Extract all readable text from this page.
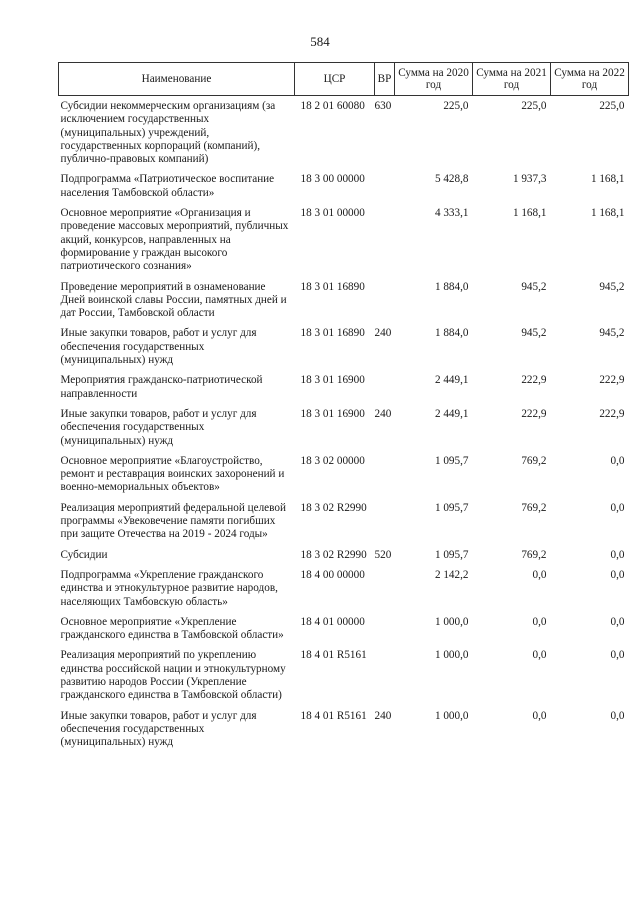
584
Наименование	ЦСР	ВР	Сумма на 2020 год	Сумма на 2021 год	Сумма на 2022 год
Субсидии некоммерческим организациям (за исключением государственных (муниципальных) учреждений, государственных корпораций (компаний), публично-правовых компаний)	18 2 01 60080	630	225,0	225,0	225,0
Подпрограмма «Патриотическое воспитание населения Тамбовской области»	18 3 00 00000		5 428,8	1 937,3	1 168,1
Основное мероприятие «Организация и проведение массовых мероприятий, публичных акций, конкурсов, направленных на формирование у граждан высокого патриотического сознания»	18 3 01 00000		4 333,1	1 168,1	1 168,1
Проведение мероприятий в ознаменование Дней воинской славы России, памятных дней и дат России, Тамбовской области	18 3 01 16890		1 884,0	945,2	945,2
Иные закупки товаров, работ и услуг для обеспечения государственных (муниципальных) нужд	18 3 01 16890	240	1 884,0	945,2	945,2
Мероприятия гражданско-патриотической направленности	18 3 01 16900		2 449,1	222,9	222,9
Иные закупки товаров, работ и услуг для обеспечения государственных (муниципальных) нужд	18 3 01 16900	240	2 449,1	222,9	222,9
Основное мероприятие «Благоустройство, ремонт и реставрация воинских захоронений и военно-мемориальных объектов»	18 3 02 00000		1 095,7	769,2	0,0
Реализация мероприятий федеральной целевой программы «Увековечение памяти погибших при защите Отечества на 2019 - 2024 годы»	18 3 02 R2990		1 095,7	769,2	0,0
Субсидии	18 3 02 R2990	520	1 095,7	769,2	0,0
Подпрограмма «Укрепление гражданского единства и этнокультурное развитие народов, населяющих Тамбовскую область»	18 4 00 00000		2 142,2	0,0	0,0
Основное мероприятие «Укрепление гражданского единства в Тамбовской области»	18 4 01 00000		1 000,0	0,0	0,0
Реализация мероприятий по укреплению единства российской нации и этнокультурному развитию народов России (Укрепление гражданского единства в Тамбовской области)	18 4 01 R5161		1 000,0	0,0	0,0
Иные закупки товаров, работ и услуг для обеспечения государственных (муниципальных) нужд	18 4 01 R5161	240	1 000,0	0,0	0,0
